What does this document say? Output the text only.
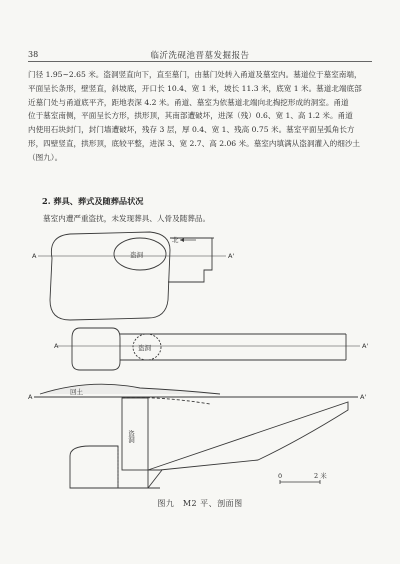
38	临沂洗砚池晋墓发掘报告

门径 1.95~2.65 米。盗洞竖直向下，直至墓门，由墓门处转入甬道及墓室内。墓道位于墓室南端，

平面呈长条形，壁竖直，斜坡底，开口长 10.4、宽 1 米，坡长 11.3 米，底宽 1 米。墓道北端底部

近墓门处与甬道底平齐，距地表深 4.2 米。甬道、墓室为依墓道北端向北掏挖形成的洞室。甬道

位于墓室南侧，平面呈长方形，拱形顶，其南部遭破坏，进深（残）0.6、宽 1、高 1.2 米。甬道

内使用石块封门，封门墙遭破坏，残存 3 层，厚 0.4、宽 1、残高 0.75 米。墓室平面呈弧角长方

形，四壁竖直，拱形顶，底较平整，进深 3、宽 2.7、高 2.06 米。墓室内填满从盗洞灌入的细沙土

（图九）。

2. 葬具、葬式及随葬品状况
墓室内遭严重盗扰，未发现葬具、人骨及随葬品。
A	A'
北
盗洞
A	A'
盗洞
A	A'
回土
盗洞
0	2 米
图九　M2 平、剖面图
